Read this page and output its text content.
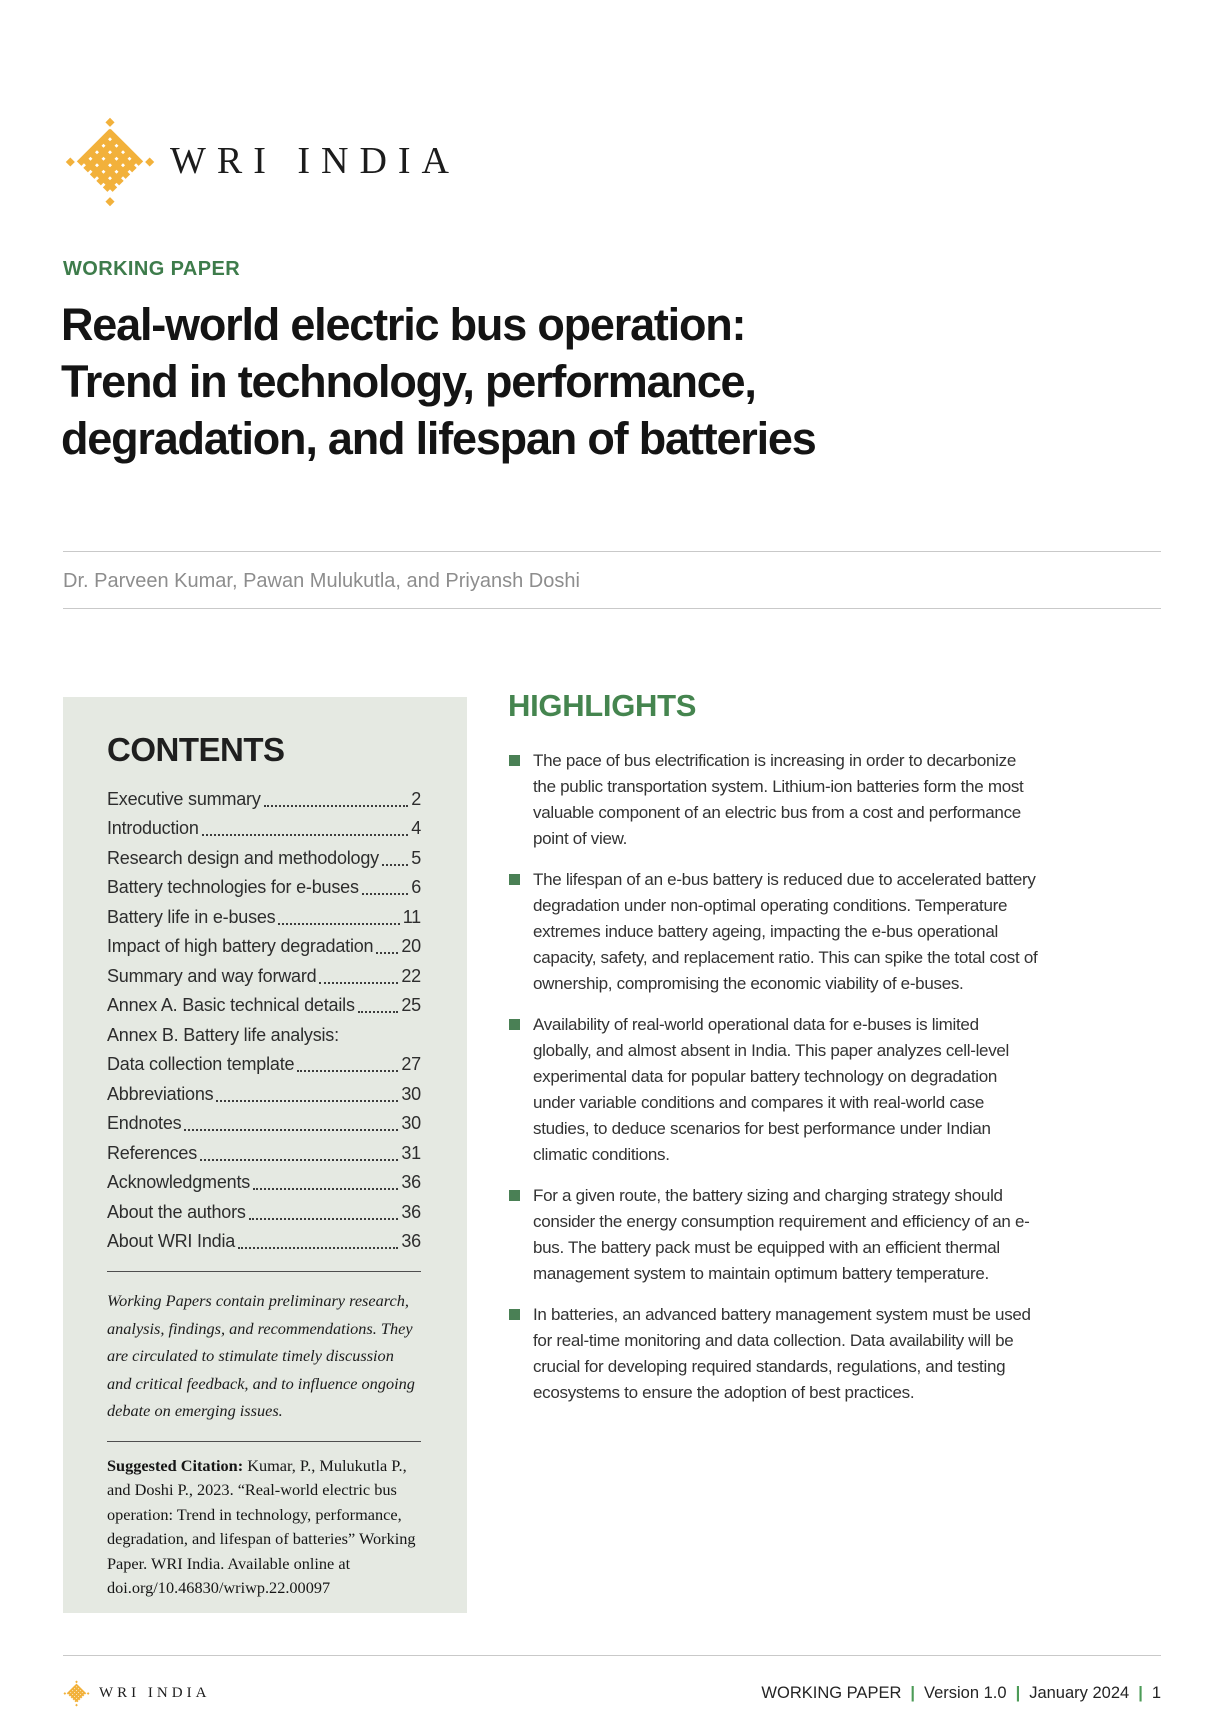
WRI INDIA
WORKING PAPER
Real-world electric bus operation:
Trend in technology, performance,
degradation, and lifespan of batteries
Dr. Parveen Kumar, Pawan Mulukutla, and Priyansh Doshi
CONTENTS
Executive summary	2
Introduction	4
Research design and methodology 5
Battery technologies for e-buses	6
Battery life in e-buses	11
Impact of high battery degradation 20
Summary and way forward	22
Annex A. Basic technical details	25
Annex B. Battery life analysis:
Data collection template	27
Abbreviations	30
Endnotes	30
References	31
Acknowledgments	36
About the authors	36
About WRI India	36

Working Papers contain preliminary research, analysis, findings, and recommendations. They are circulated to stimulate timely discussion and critical feedback, and to influence ongoing debate on emerging issues.

Suggested Citation: Kumar, P., Mulukutla P., and Doshi P., 2023. “Real-world electric bus operation: Trend in technology, performance, degradation, and lifespan of batteries” Working Paper. WRI India. Available online at doi.org/10.46830/wriwp.22.00097

HIGHLIGHTS
The pace of bus electrification is increasing in order to decarbonize the public transportation system. Lithium-ion batteries form the most valuable component of an electric bus from a cost and performance point of view.
The lifespan of an e-bus battery is reduced due to accelerated battery degradation under non-optimal operating conditions. Temperature extremes induce battery ageing, impacting the e-bus operational capacity, safety, and replacement ratio. This can spike the total cost of ownership, compromising the economic viability of e-buses.
Availability of real-world operational data for e-buses is limited globally, and almost absent in India. This paper analyzes cell-level experimental data for popular battery technology on degradation under variable conditions and compares it with real-world case studies, to deduce scenarios for best performance under Indian climatic conditions.
For a given route, the battery sizing and charging strategy should consider the energy consumption requirement and efficiency of an e-bus. The battery pack must be equipped with an efficient thermal management system to maintain optimum battery temperature.
In batteries, an advanced battery management system must be used for real-time monitoring and data collection. Data availability will be crucial for developing required standards, regulations, and testing ecosystems to ensure the adoption of best practices.
WRI INDIA	WORKING PAPER | Version 1.0 | January 2024 | 1
